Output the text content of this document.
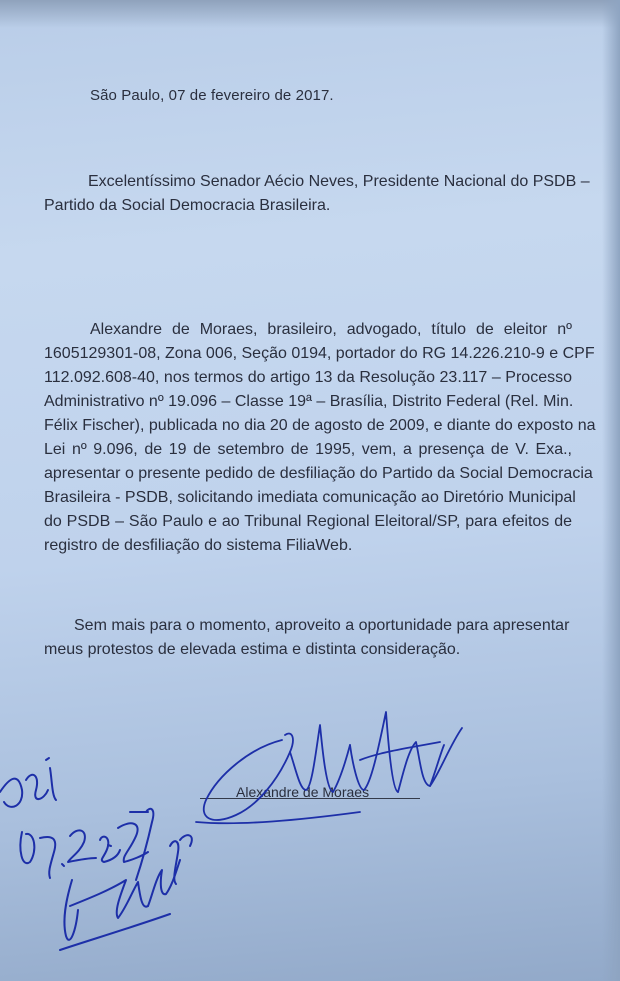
São Paulo, 07 de fevereiro de 2017.
Excelentíssimo Senador Aécio Neves, Presidente Nacional do PSDB –
Partido da Social Democracia Brasileira.
Alexandre de Moraes, brasileiro, advogado, título de eleitor nº
1605129301-08, Zona 006, Seção 0194, portador do RG 14.226.210-9 e CPF
112.092.608-40, nos termos do artigo 13 da Resolução 23.117 – Processo
Administrativo nº 19.096 – Classe 19ª – Brasília, Distrito Federal (Rel. Min.
Félix Fischer), publicada no dia 20 de agosto de 2009, e diante do exposto na
Lei nº 9.096, de 19 de setembro de 1995, vem, a presença de V. Exa.,
apresentar o presente pedido de desfiliação do Partido da Social Democracia
Brasileira - PSDB, solicitando imediata comunicação ao Diretório Municipal
do PSDB – São Paulo e ao Tribunal Regional Eleitoral/SP, para efeitos de
registro de desfiliação do sistema FiliaWeb.
Sem mais para o momento, aproveito a oportunidade para apresentar
meus protestos de elevada estima e distinta consideração.
Alexandre de Moraes
